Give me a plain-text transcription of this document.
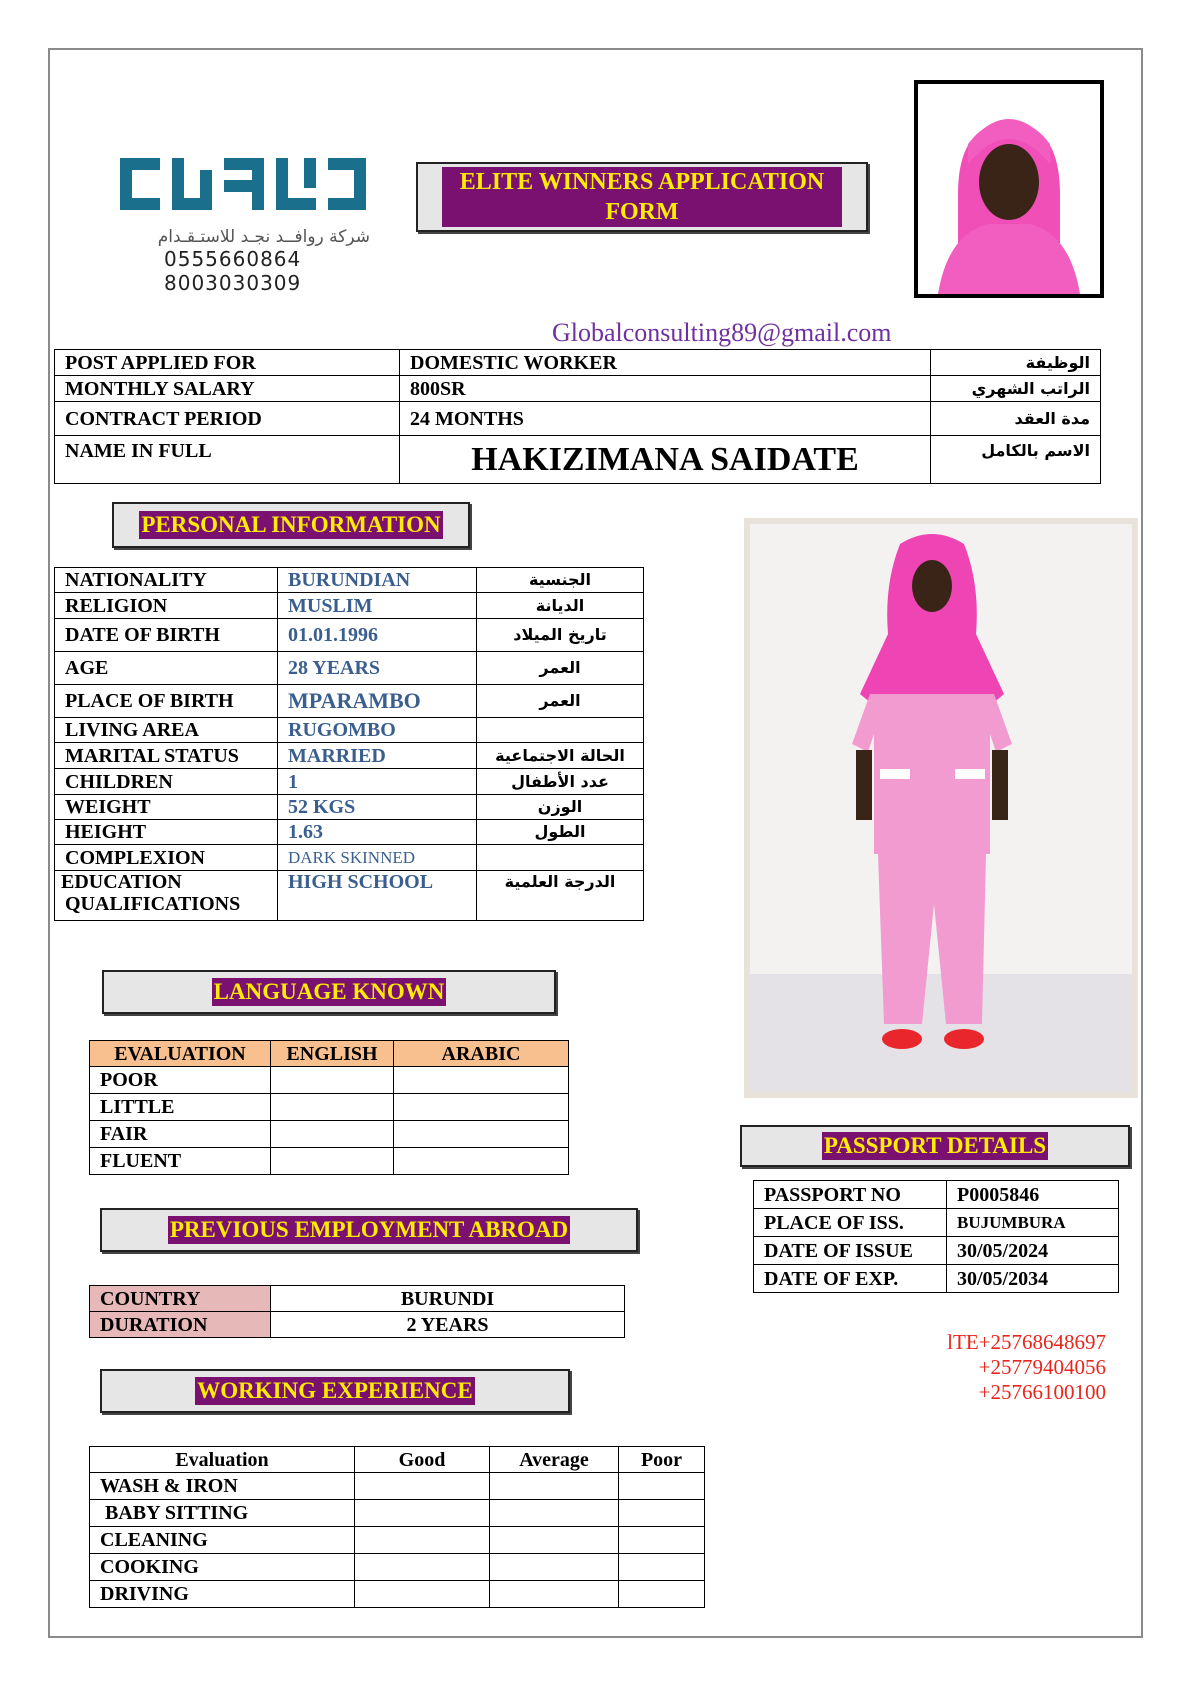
شركة روافــد نجـد للاستـقـدام
0555660864
8003030309
ELITE WINNERS APPLICATION FORM
Globalconsulting89@gmail.com
POST APPLIED FOR	DOMESTIC WORKER	الوظيفة
MONTHLY SALARY	800SR	الراتب الشهري
CONTRACT PERIOD	24 MONTHS	مدة العقد
NAME IN FULL	HAKIZIMANA SAIDATE	الاسم بالكامل
PERSONAL INFORMATION
NATIONALITY	BURUNDIAN	الجنسية
RELIGION	MUSLIM	الديانة
DATE OF BIRTH	01.01.1996	تاريخ الميلاد
AGE	28 YEARS	العمر
PLACE OF BIRTH	MPARAMBO	العمر
LIVING AREA	RUGOMBO	
MARITAL STATUS	MARRIED	الحالة الاجتماعية
CHILDREN	1	عدد الأطفال
WEIGHT	52 KGS	الوزن
HEIGHT	1.63	الطول
COMPLEXION	DARK SKINNED	

EDUCATION
QUALIFICATIONS	HIGH SCHOOL	الدرجة العلمية
LANGUAGE KNOWN
EVALUATION	ENGLISH	ARABIC
POOR		
LITTLE		
FAIR		
FLUENT		
PREVIOUS EMPLOYMENT ABROAD
COUNTRY	BURUNDI
DURATION	2 YEARS
WORKING EXPERIENCE
Evaluation	Good	Average	Poor
WASH & IRON			
BABY SITTING			
CLEANING			
COOKING			
DRIVING			
PASSPORT DETAILS
PASSPORT NO	P0005846
PLACE OF ISS.	BUJUMBURA
DATE OF ISSUE	30/05/2024
DATE OF EXP.	30/05/2034
lTE+25768648697
+25779404056
+25766100100
